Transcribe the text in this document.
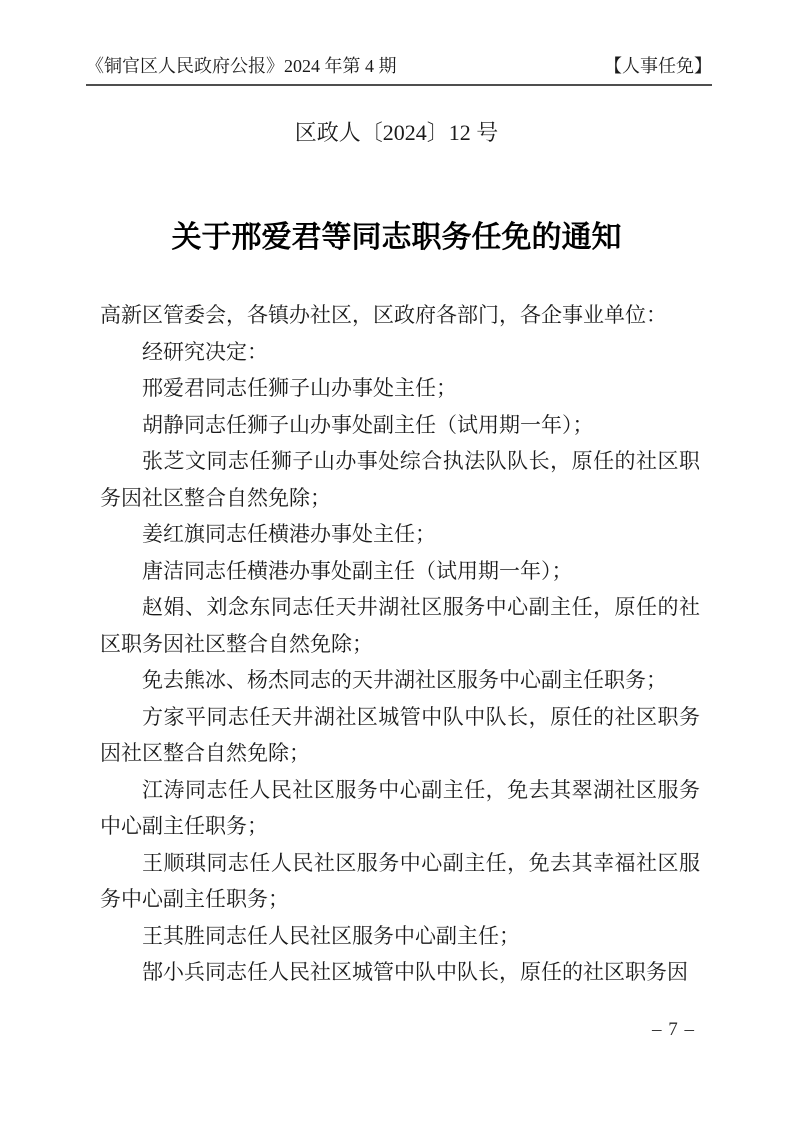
《铜官区人民政府公报》2024 年第 4 期	【人事任免】
区政人〔2024〕12 号
关于邢爱君等同志职务任免的通知

高新区管委会，各镇办社区，区政府各部门，各企事业单位：

经研究决定：

邢爱君同志任狮子山办事处主任；

胡静同志任狮子山办事处副主任（试用期一年）；

张芝文同志任狮子山办事处综合执法队队长，原任的社区职务因社区整合自然免除；

姜红旗同志任横港办事处主任；

唐洁同志任横港办事处副主任（试用期一年）；

赵娟、刘念东同志任天井湖社区服务中心副主任，原任的社区职务因社区整合自然免除；

免去熊冰、杨杰同志的天井湖社区服务中心副主任职务；

方家平同志任天井湖社区城管中队中队长，原任的社区职务因社区整合自然免除；

江涛同志任人民社区服务中心副主任，免去其翠湖社区服务中心副主任职务；

王顺琪同志任人民社区服务中心副主任，免去其幸福社区服务中心副主任职务；

王其胜同志任人民社区服务中心副主任；

郜小兵同志任人民社区城管中队中队长，原任的社区职务因

– 7 –
